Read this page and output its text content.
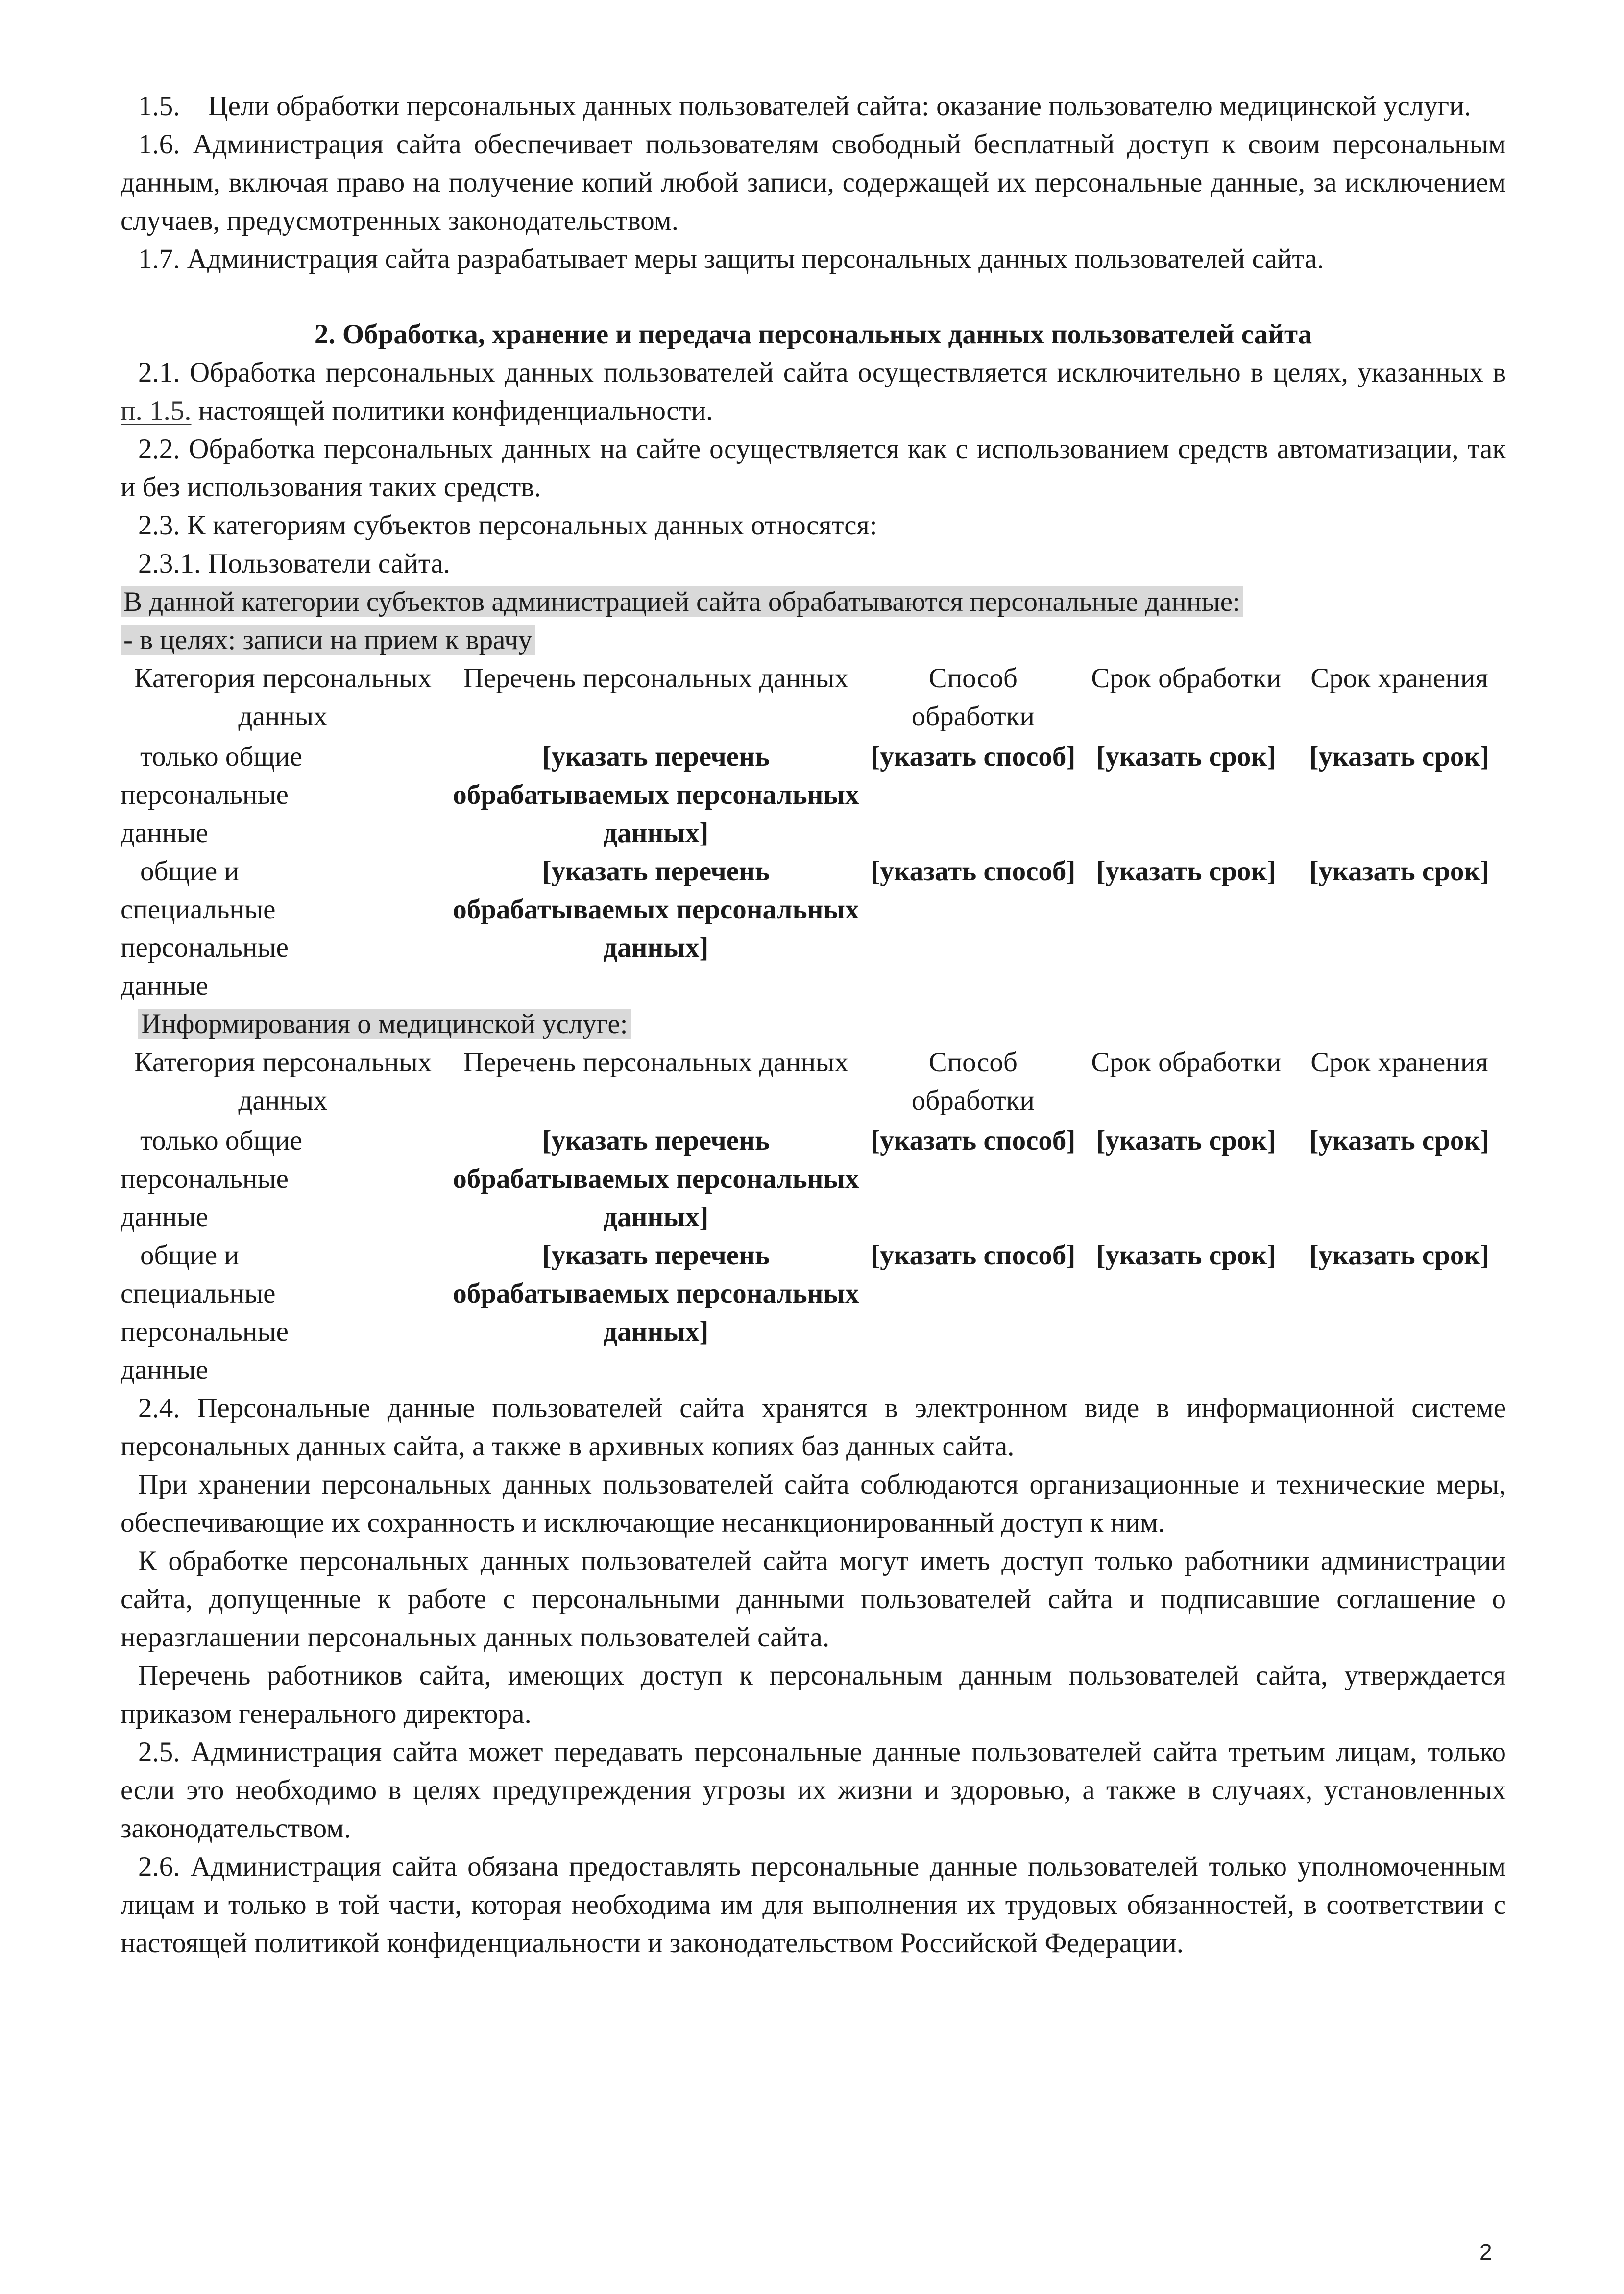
1.5. Цели обработки персональных данных пользователей сайта: оказание пользователю медицинской услуги.

1.6. Администрация сайта обеспечивает пользователям свободный бесплатный доступ к своим персональным данным, включая право на получение копий любой записи, содержащей их персональные данные, за исключением случаев, предусмотренных законодательством.

1.7. Администрация сайта разрабатывает меры защиты персональных данных пользователей сайта.

2. Обработка, хранение и передача персональных данных пользователей сайта

2.1. Обработка персональных данных пользователей сайта осуществляется исключительно в целях, указанных в п. 1.5. настоящей политики конфиденциальности.

2.2. Обработка персональных данных на сайте осуществляется как с использованием средств автоматизации, так и без использования таких средств.

2.3. К категориям субъектов персональных данных относятся:

2.3.1. Пользователи сайта.

В данной категории субъектов администрацией сайта обрабатываются персональные данные:

- в целях: записи на прием к врачу

Категория персональных данных	Перечень персональных данных	Способ обработки	Срок обработки	Срок хранения

только общие
персональные
данные	[указать перечень обрабатываемых персональных данных]	[указать способ]	[указать срок]	[указать срок]

общие и
специальные
персональные
данные	[указать перечень обрабатываемых персональных данных]	[указать способ]	[указать срок]	[указать срок]

Информирования о медицинской услуге:

Категория персональных данных	Перечень персональных данных	Способ обработки	Срок обработки	Срок хранения

только общие
персональные
данные	[указать перечень обрабатываемых персональных данных]	[указать способ]	[указать срок]	[указать срок]

общие и
специальные
персональные
данные	[указать перечень обрабатываемых персональных данных]	[указать способ]	[указать срок]	[указать срок]

2.4. Персональные данные пользователей сайта хранятся в электронном виде в информационной системе персональных данных сайта, а также в архивных копиях баз данных сайта.

При хранении персональных данных пользователей сайта соблюдаются организационные и технические меры, обеспечивающие их сохранность и исключающие несанкционированный доступ к ним.

К обработке персональных данных пользователей сайта могут иметь доступ только работники администрации сайта, допущенные к работе с персональными данными пользователей сайта и подписавшие соглашение о неразглашении персональных данных пользователей сайта.

Перечень работников сайта, имеющих доступ к персональным данным пользователей сайта, утверждается приказом генерального директора.

2.5. Администрация сайта может передавать персональные данные пользователей сайта третьим лицам, только если это необходимо в целях предупреждения угрозы их жизни и здоровью, а также в случаях, установленных законодательством.

2.6. Администрация сайта обязана предоставлять персональные данные пользователей только уполномоченным лицам и только в той части, которая необходима им для выполнения их трудовых обязанностей, в соответствии с настоящей политикой конфиденциальности и законодательством Российской Федерации.

2
